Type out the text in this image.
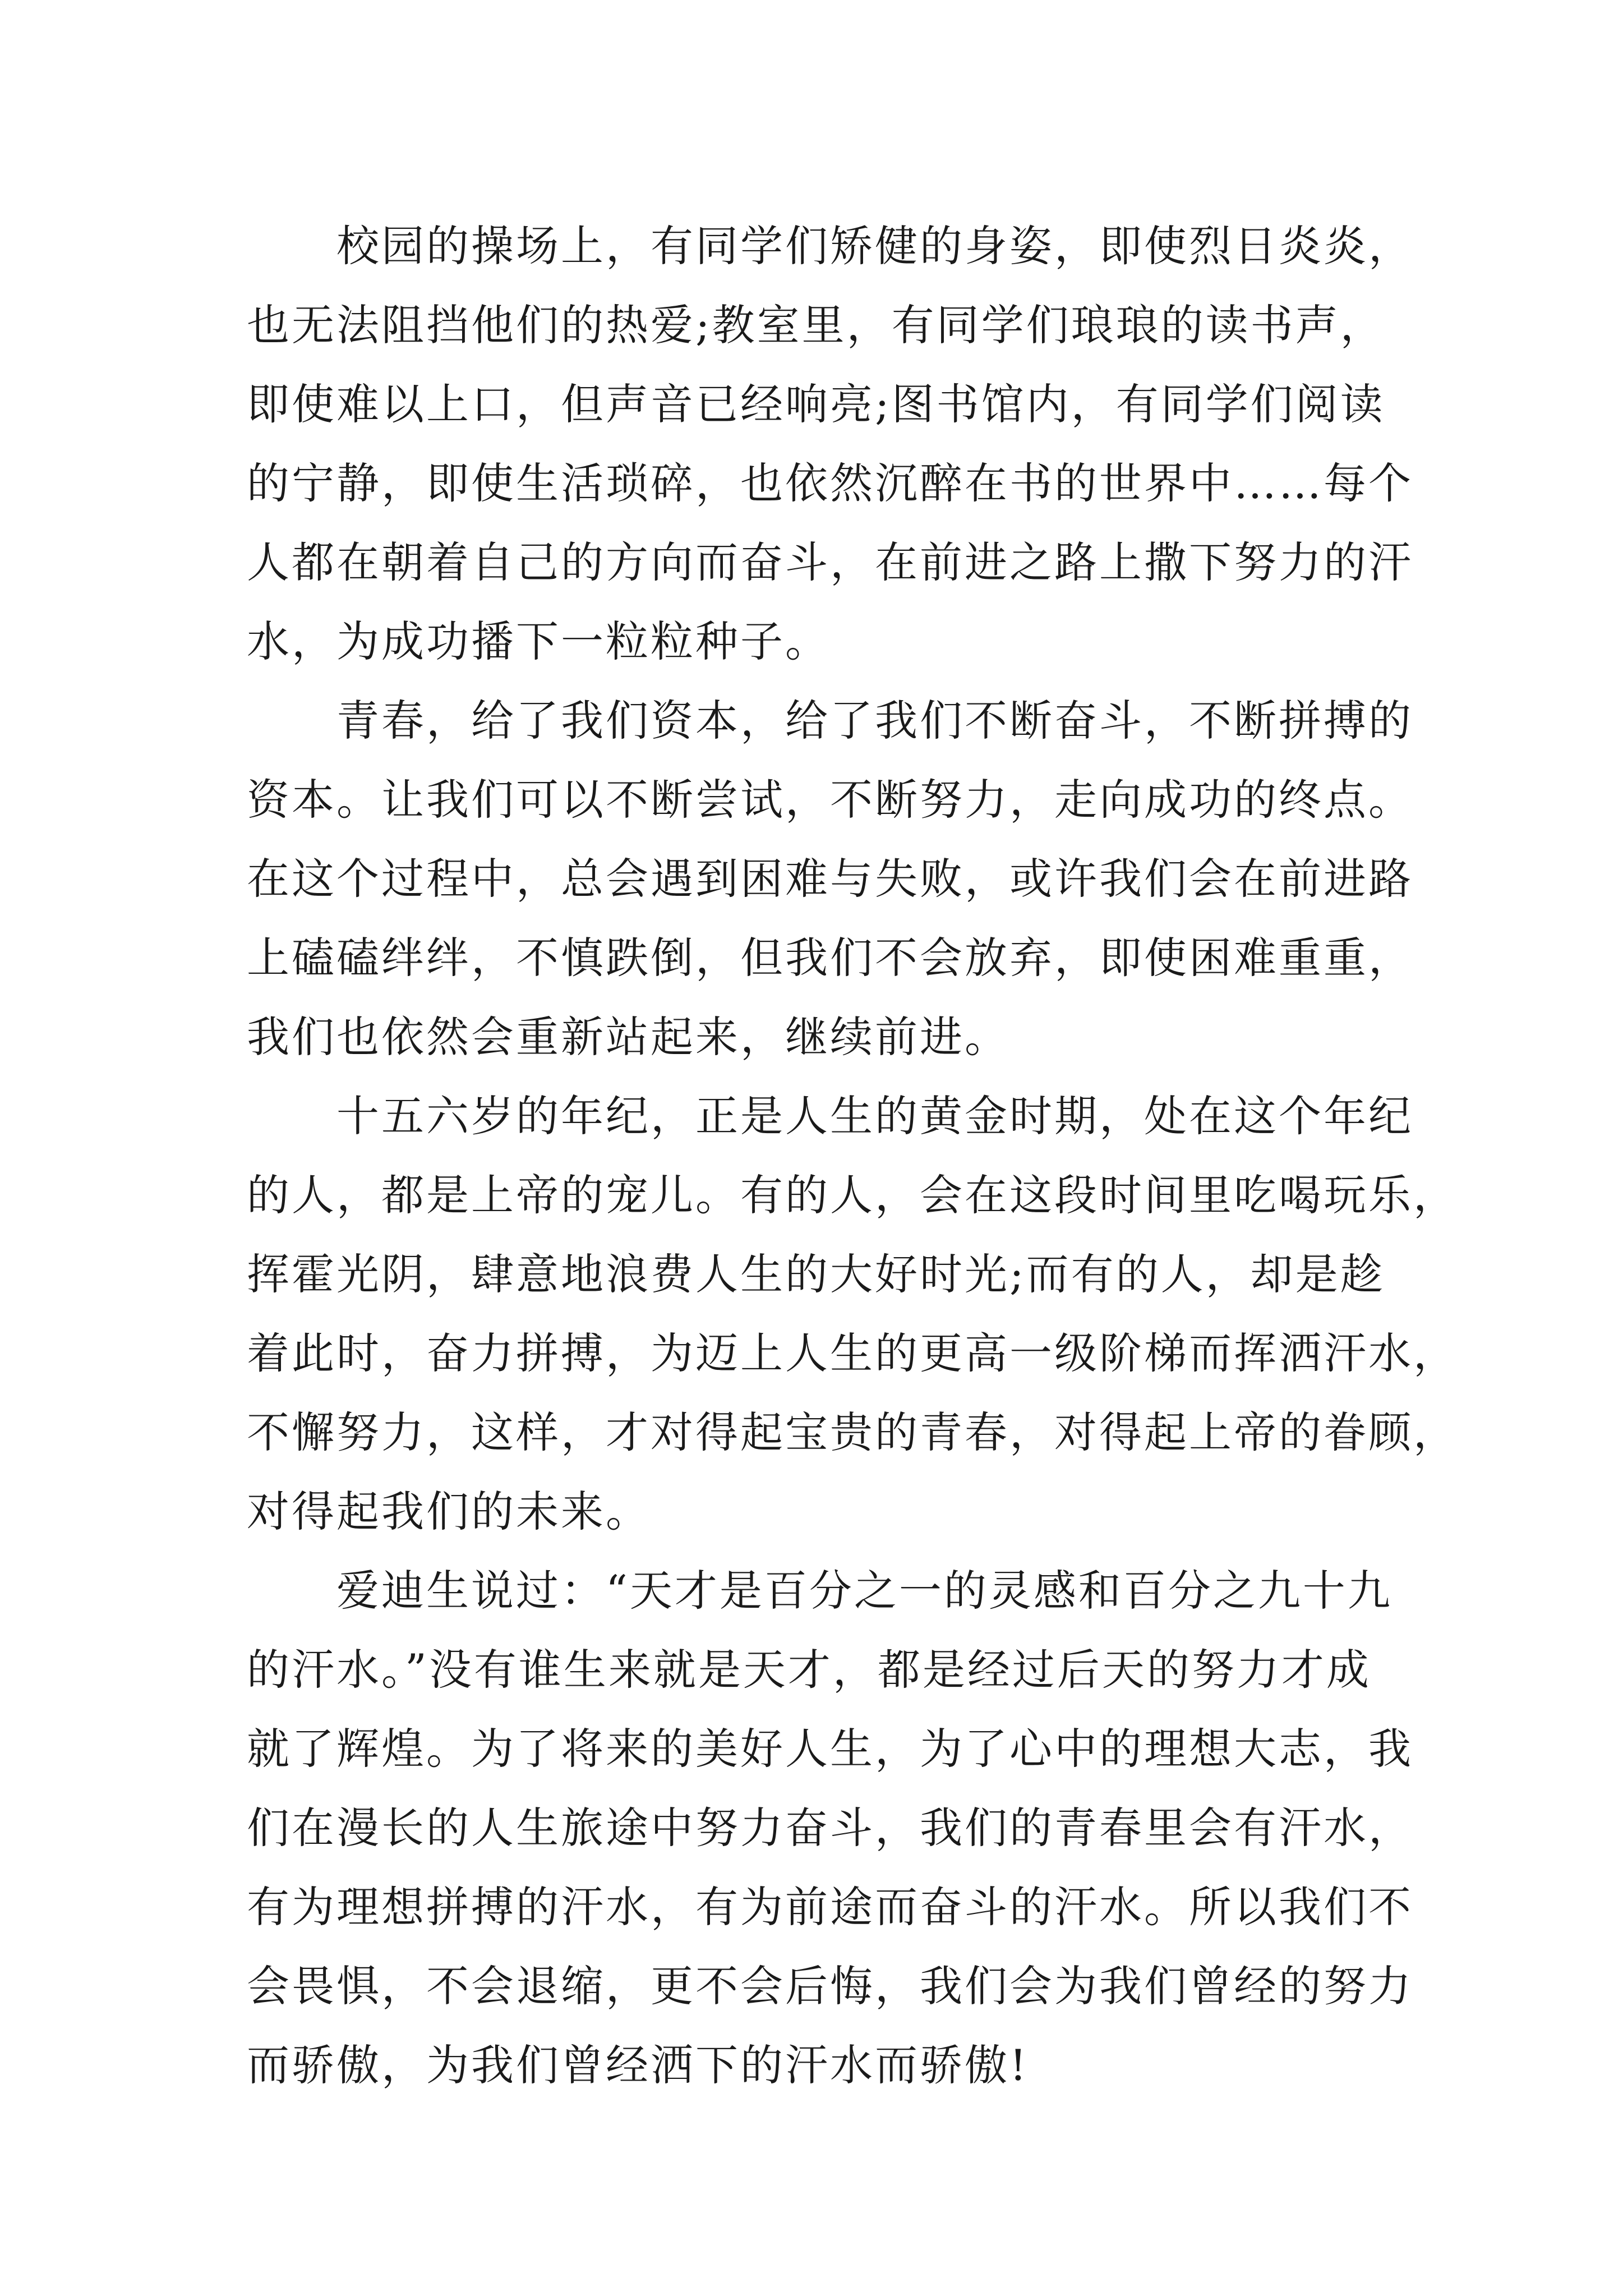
校园的操场上，有同学们矫健的身姿，即使烈日炎炎，
也无法阻挡他们的热爱;教室里，有同学们琅琅的读书声，
即使难以上口，但声音已经响亮;图书馆内，有同学们阅读
的宁静，即使生活琐碎，也依然沉醉在书的世界中……每个
人都在朝着自己的方向而奋斗，在前进之路上撒下努力的汗
水，为成功播下一粒粒种子。
青春，给了我们资本，给了我们不断奋斗，不断拼搏的
资本。让我们可以不断尝试，不断努力，走向成功的终点。
在这个过程中，总会遇到困难与失败，或许我们会在前进路
上磕磕绊绊，不慎跌倒，但我们不会放弃，即使困难重重，
我们也依然会重新站起来，继续前进。
十五六岁的年纪，正是人生的黄金时期，处在这个年纪
的人，都是上帝的宠儿。有的人，会在这段时间里吃喝玩乐，
挥霍光阴，肆意地浪费人生的大好时光;而有的人，却是趁
着此时，奋力拼搏，为迈上人生的更高一级阶梯而挥洒汗水，
不懈努力，这样，才对得起宝贵的青春，对得起上帝的眷顾，
对得起我们的未来。
爱迪生说过：“天才是百分之一的灵感和百分之九十九
的汗水。”没有谁生来就是天才，都是经过后天的努力才成
就了辉煌。为了将来的美好人生，为了心中的理想大志，我
们在漫长的人生旅途中努力奋斗，我们的青春里会有汗水，
有为理想拼搏的汗水，有为前途而奋斗的汗水。所以我们不
会畏惧，不会退缩，更不会后悔，我们会为我们曾经的努力
而骄傲，为我们曾经洒下的汗水而骄傲!
